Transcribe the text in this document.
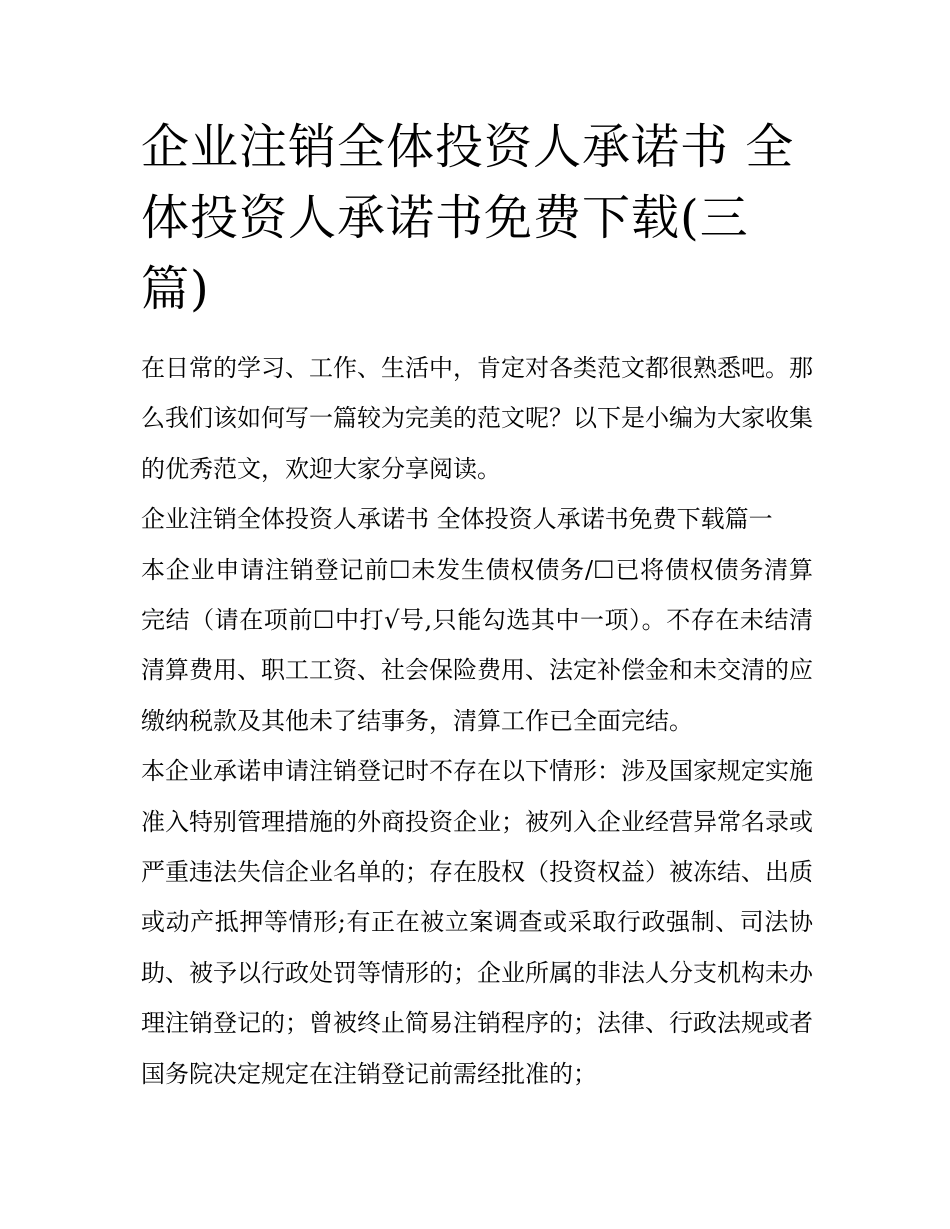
企业注销全体投资人承诺书 全体投资人承诺书免费下载(三篇)

在日常的学习、工作、生活中，肯定对各类范文都很熟悉吧。那么我们该如何写一篇较为完美的范文呢？以下是小编为大家收集的优秀范文，欢迎大家分享阅读。

企业注销全体投资人承诺书 全体投资人承诺书免费下载篇一

本企业申请注销登记前☐未发生债权债务/☐已将债权债务清算完结（请在项前☐中打√号,只能勾选其中一项）。不存在未结清清算费用、职工工资、社会保险费用、法定补偿金和未交清的应缴纳税款及其他未了结事务，清算工作已全面完结。

本企业承诺申请注销登记时不存在以下情形：涉及国家规定实施准入特别管理措施的外商投资企业；被列入企业经营异常名录或严重违法失信企业名单的；存在股权（投资权益）被冻结、出质或动产抵押等情形;有正在被立案调查或采取行政强制、司法协助、被予以行政处罚等情形的；企业所属的非法人分支机构未办理注销登记的；曾被终止简易注销程序的；法律、行政法规或者国务院决定规定在注销登记前需经批准的；
